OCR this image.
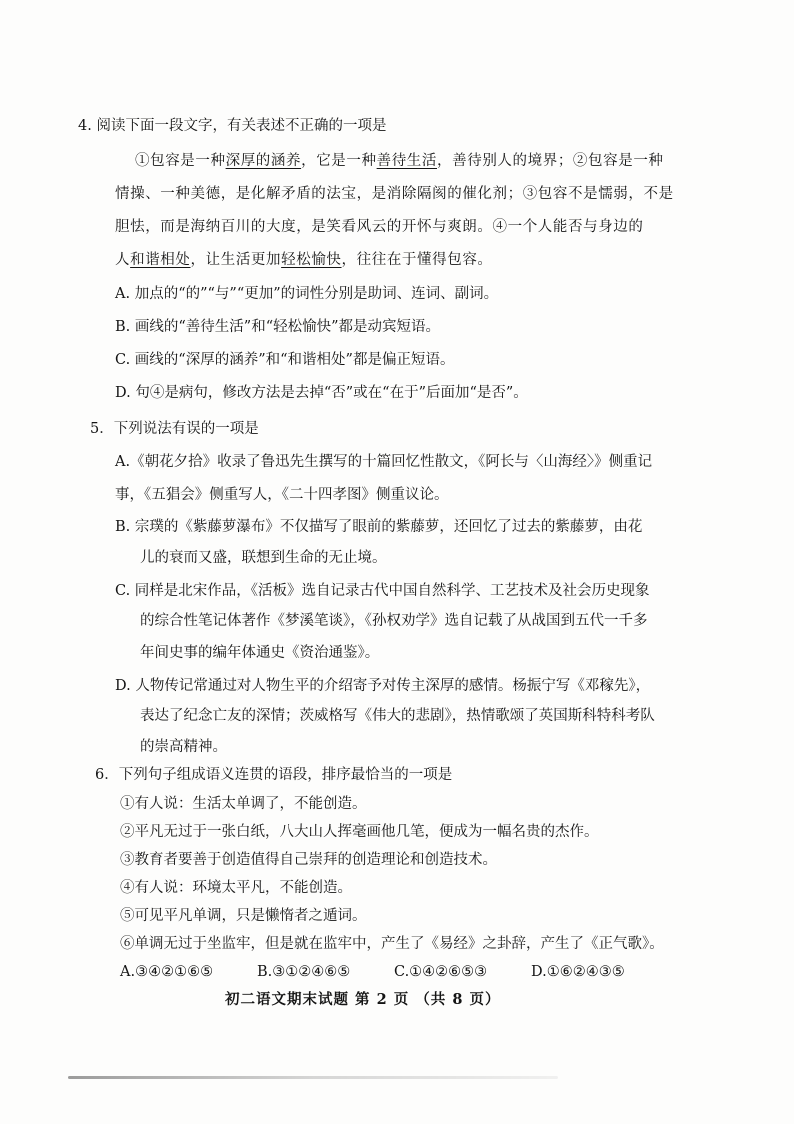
4. 阅读下面一段文字，有关表述不正确的一项是
①包容是一种深厚的涵养，它是一种善待生活，善待别人的境界；②包容是一种
情操、一种美德，是化解矛盾的法宝，是消除隔阂的催化剂；③包容不是懦弱，不是
胆怯，而是海纳百川的大度，是笑看风云的开怀与爽朗。④一个人能否与身边的
人和谐相处，让生活更加轻松愉快，往往在于懂得包容。
A. 加点的“的”“与”“更加”的词性分别是助词、连词、副词。
B. 画线的“善待生活”和“轻松愉快”都是动宾短语。
C. 画线的“深厚的涵养”和“和谐相处”都是偏正短语。
D. 句④是病句，修改方法是去掉“否”或在“在于”后面加“是否”。
5．下列说法有误的一项是
A.《朝花夕拾》收录了鲁迅先生撰写的十篇回忆性散文，《阿长与〈山海经〉》侧重记
事，《五猖会》侧重写人，《二十四孝图》侧重议论。
B. 宗璞的《紫藤萝瀑布》不仅描写了眼前的紫藤萝，还回忆了过去的紫藤萝，由花
儿的衰而又盛，联想到生命的无止境。
C. 同样是北宋作品，《活板》选自记录古代中国自然科学、工艺技术及社会历史现象
的综合性笔记体著作《梦溪笔谈》，《孙权劝学》选自记载了从战国到五代一千多
年间史事的编年体通史《资治通鉴》。
D. 人物传记常通过对人物生平的介绍寄予对传主深厚的感情。杨振宁写《邓稼先》，
表达了纪念亡友的深情；茨威格写《伟大的悲剧》，热情歌颂了英国斯科特科考队
的崇高精神。
6．下列句子组成语义连贯的语段，排序最恰当的一项是
①有人说：生活太单调了，不能创造。
②平凡无过于一张白纸，八大山人挥毫画他几笔，便成为一幅名贵的杰作。
③教育者要善于创造值得自己崇拜的创造理论和创造技术。
④有人说：环境太平凡，不能创造。
⑤可见平凡单调，只是懒惰者之遁词。
⑥单调无过于坐监牢，但是就在监牢中，产生了《易经》之卦辞，产生了《正气歌》。
A.③④②①⑥⑤	B.③①②④⑥⑤	C.①④②⑥⑤③	D.①⑥②④③⑤
初二语文期末试题 第 2 页 （共 8 页）
